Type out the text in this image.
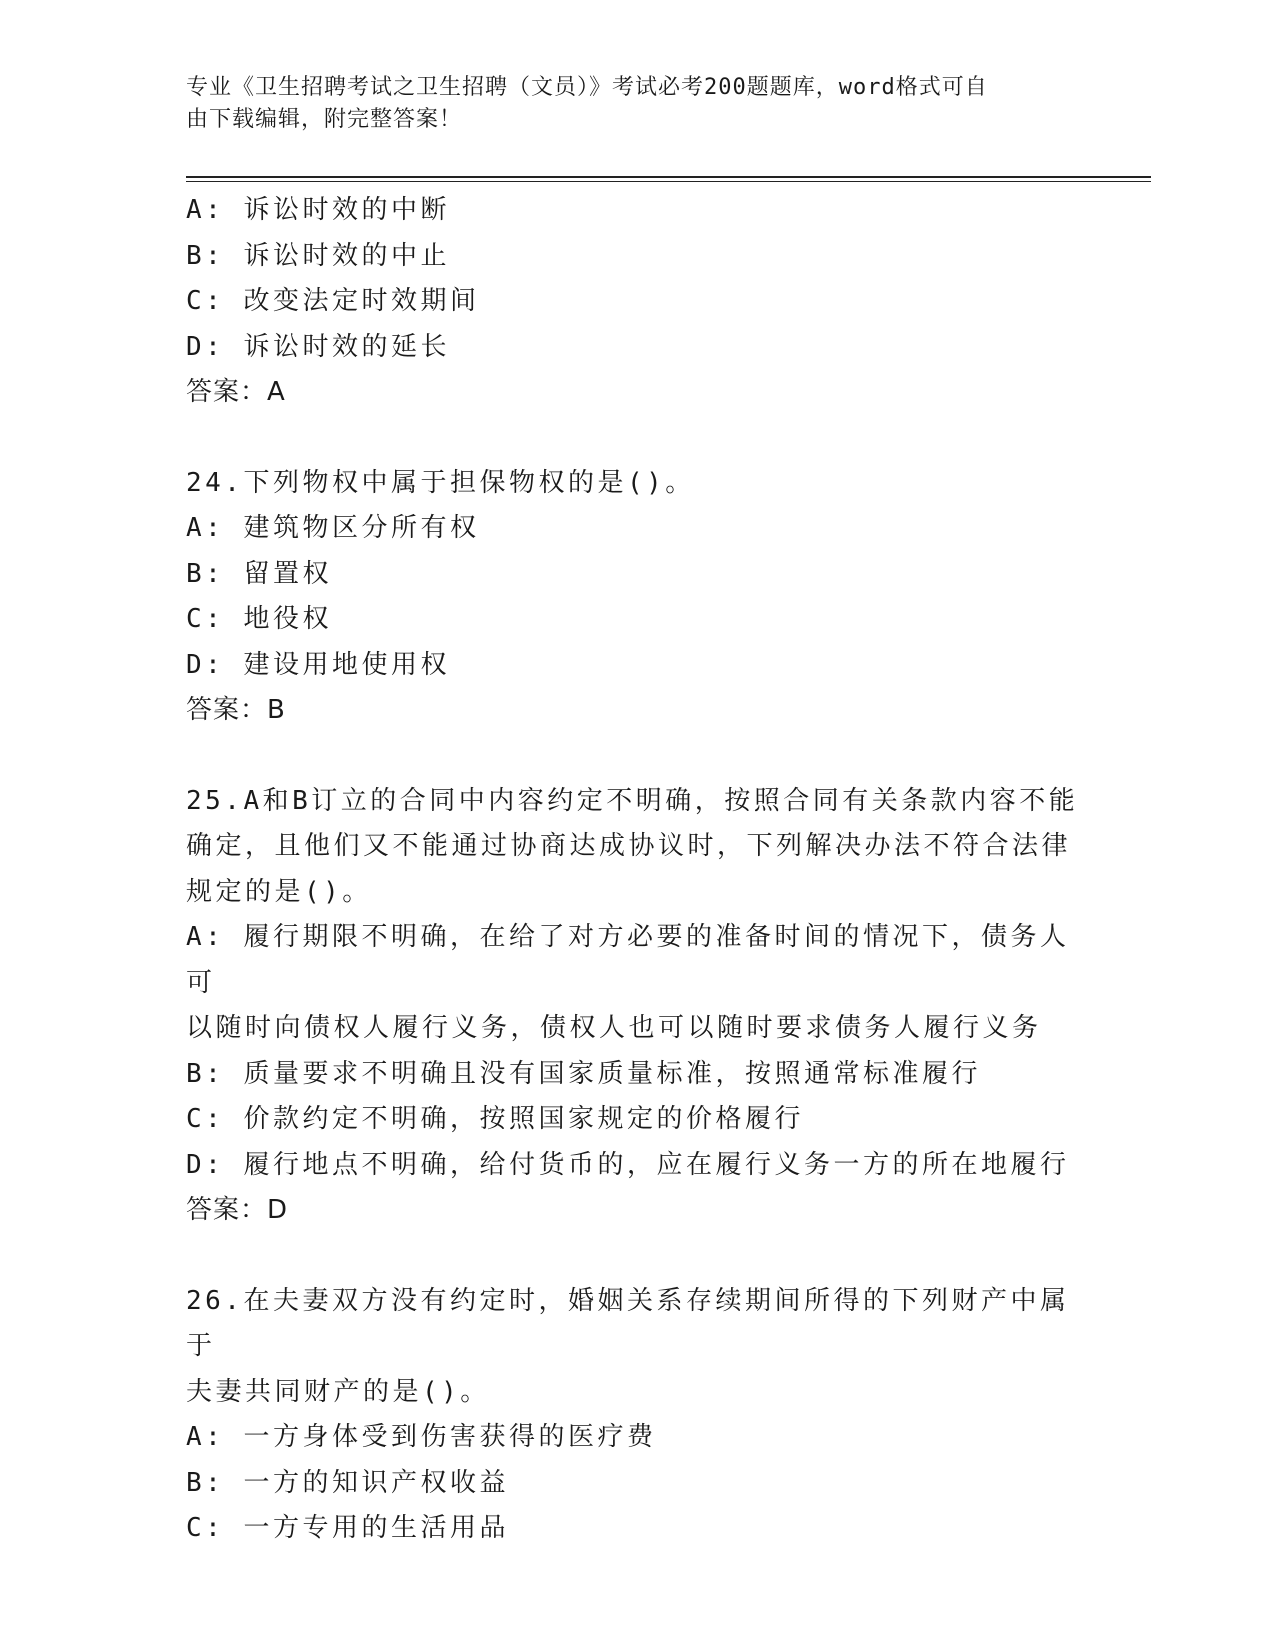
专业《卫生招聘考试之卫生招聘（文员）》考试必考200题题库，word格式可自
由下载编辑，附完整答案！
A: 诉讼时效的中断
B: 诉讼时效的中止
C: 改变法定时效期间
D: 诉讼时效的延长
答案：A
24.下列物权中属于担保物权的是()。
A: 建筑物区分所有权
B: 留置权
C: 地役权
D: 建设用地使用权
答案：B
25.A和B订立的合同中内容约定不明确，按照合同有关条款内容不能
确定，且他们又不能通过协商达成协议时，下列解决办法不符合法律
规定的是()。
A: 履行期限不明确，在给了对方必要的准备时间的情况下，债务人可
以随时向债权人履行义务，债权人也可以随时要求债务人履行义务
B: 质量要求不明确且没有国家质量标准，按照通常标准履行
C: 价款约定不明确，按照国家规定的价格履行
D: 履行地点不明确，给付货币的，应在履行义务一方的所在地履行
答案：D
26.在夫妻双方没有约定时，婚姻关系存续期间所得的下列财产中属于
夫妻共同财产的是()。
A: 一方身体受到伤害获得的医疗费
B: 一方的知识产权收益
C: 一方专用的生活用品
